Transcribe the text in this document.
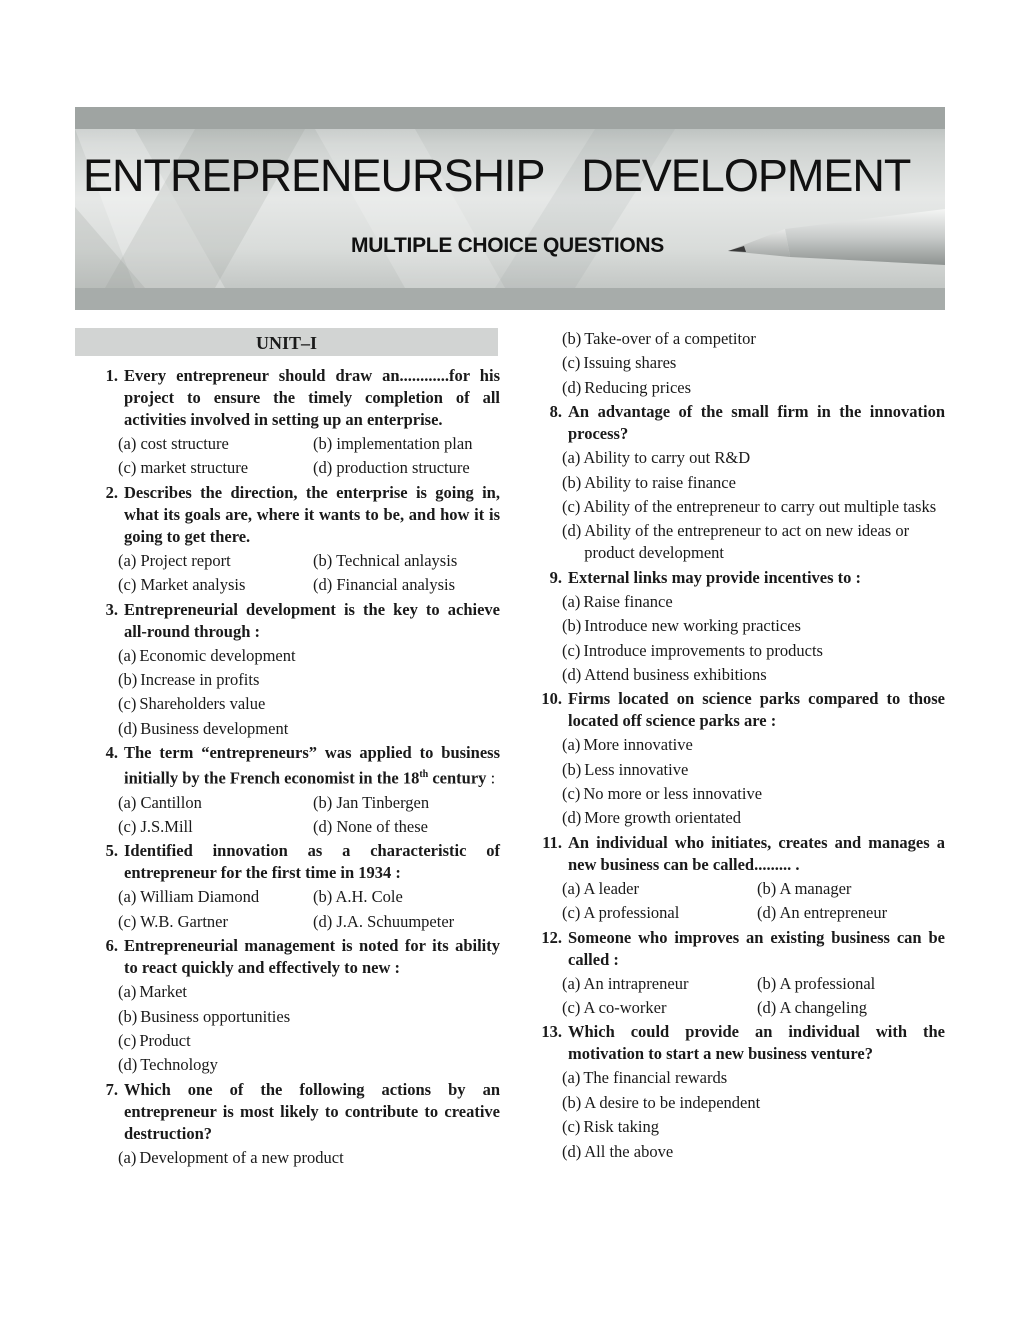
ENTREPRENEURSHIP DEVELOPMENT
MULTIPLE CHOICE QUESTIONS
UNIT–I
1. Every entrepreneur should draw an............for his project to ensure the timely completion of all activities involved in setting up an enterprise.
(a) cost structure	(b) implementation plan
(c) market structure	(d) production structure
2. Describes the direction, the enterprise is going in, what its goals are, where it wants to be, and how it is going to get there.
(a) Project report	(b) Technical anlaysis
(c) Market analysis	(d) Financial analysis
3. Entrepreneurial development is the key to achieve all-round through :
(a) Economic development
(b) Increase in profits
(c) Shareholders value
(d) Business development
4. The term “entrepreneurs” was applied to business initially by the French economist in the 18th century :
(a) Cantillon	(b) Jan Tinbergen
(c) J.S.Mill	(d) None of these
5. Identified innovation as a characteristic of entrepreneur for the first time in 1934 :
(a) William Diamond	(b) A.H. Cole
(c) W.B. Gartner	(d) J.A. Schuumpeter
6. Entrepreneurial management is noted for its ability to react quickly and effectively to new :
(a) Market
(b) Business opportunities
(c) Product
(d) Technology
7. Which one of the following actions by an entrepreneur is most likely to contribute to creative destruction?
(a) Development of a new product
(b) Take-over of a competitor
(c) Issuing shares
(d) Reducing prices
8. An advantage of the small firm in the innovation process?
(a) Ability to carry out R&D
(b) Ability to raise finance
(c) Ability of the entrepreneur to carry out multiple tasks
(d) Ability of the entrepreneur to act on new ideas or product development
9. External links may provide incentives to :
(a) Raise finance
(b) Introduce new working practices
(c) Introduce improvements to products
(d) Attend business exhibitions
10. Firms located on science parks compared to those located off science parks are :
(a) More innovative
(b) Less innovative
(c) No more or less innovative
(d) More growth orientated
11. An individual who initiates, creates and manages a new business can be called......... .
(a) A leader	(b) A manager
(c) A professional	(d) An entrepreneur
12. Someone who improves an existing business can be called :
(a) An intrapreneur	(b) A professional
(c) A co-worker	(d) A changeling
13. Which could provide an individual with the motivation to start a new business venture?
(a) The financial rewards
(b) A desire to be independent
(c) Risk taking
(d) All the above
